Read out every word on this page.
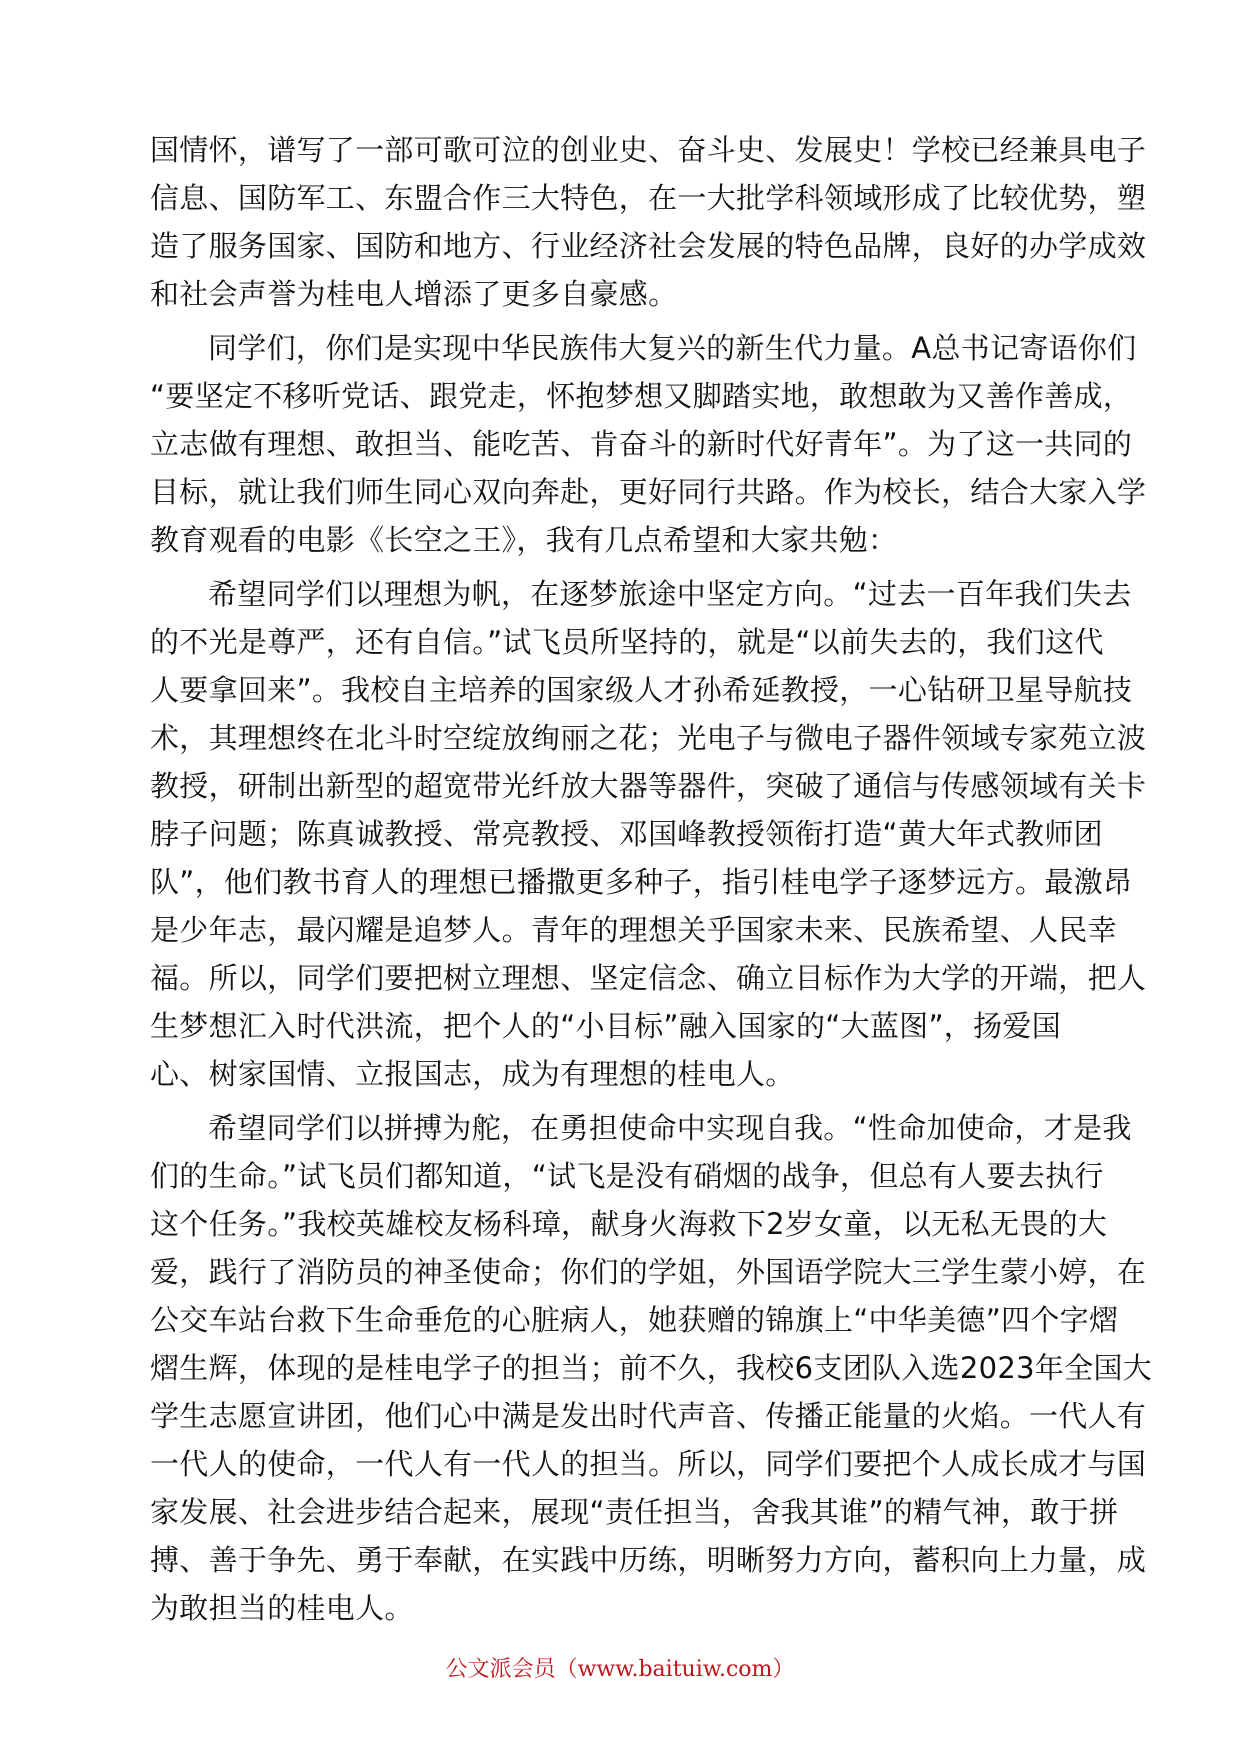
国情怀，谱写了一部可歌可泣的创业史、奋斗史、发展史！学校已经兼具电子
信息、国防军工、东盟合作三大特色，在一大批学科领域形成了比较优势，塑
造了服务国家、国防和地方、行业经济社会发展的特色品牌，良好的办学成效
和社会声誉为桂电人增添了更多自豪感。

同学们，你们是实现中华民族伟大复兴的新生代力量。A总书记寄语你们
“要坚定不移听党话、跟党走，怀抱梦想又脚踏实地，敢想敢为又善作善成，
立志做有理想、敢担当、能吃苦、肯奋斗的新时代好青年”。为了这一共同的
目标，就让我们师生同心双向奔赴，更好同行共路。作为校长，结合大家入学
教育观看的电影《长空之王》，我有几点希望和大家共勉：

希望同学们以理想为帆，在逐梦旅途中坚定方向。“过去一百年我们失去
的不光是尊严，还有自信。”试飞员所坚持的，就是“以前失去的，我们这代
人要拿回来”。我校自主培养的国家级人才孙希延教授，一心钻研卫星导航技
术，其理想终在北斗时空绽放绚丽之花；光电子与微电子器件领域专家苑立波
教授，研制出新型的超宽带光纤放大器等器件，突破了通信与传感领域有关卡
脖子问题；陈真诚教授、常亮教授、邓国峰教授领衔打造“黄大年式教师团
队”，他们教书育人的理想已播撒更多种子，指引桂电学子逐梦远方。最激昂
是少年志，最闪耀是追梦人。青年的理想关乎国家未来、民族希望、人民幸
福。所以，同学们要把树立理想、坚定信念、确立目标作为大学的开端，把人
生梦想汇入时代洪流，把个人的“小目标”融入国家的“大蓝图”，扬爱国
心、树家国情、立报国志，成为有理想的桂电人。

希望同学们以拼搏为舵，在勇担使命中实现自我。“性命加使命，才是我
们的生命。”试飞员们都知道，“试飞是没有硝烟的战争，但总有人要去执行
这个任务。”我校英雄校友杨科璋，献身火海救下2岁女童，以无私无畏的大
爱，践行了消防员的神圣使命；你们的学姐，外国语学院大三学生蒙小婷，在
公交车站台救下生命垂危的心脏病人，她获赠的锦旗上“中华美德”四个字熠
熠生辉，体现的是桂电学子的担当；前不久，我校6支团队入选2023年全国大
学生志愿宣讲团，他们心中满是发出时代声音、传播正能量的火焰。一代人有
一代人的使命，一代人有一代人的担当。所以，同学们要把个人成长成才与国
家发展、社会进步结合起来，展现“责任担当，舍我其谁”的精气神，敢于拼
搏、善于争先、勇于奉献，在实践中历练，明晰努力方向，蓄积向上力量，成
为敢担当的桂电人。

公文派会员（www.baituiw.com）
